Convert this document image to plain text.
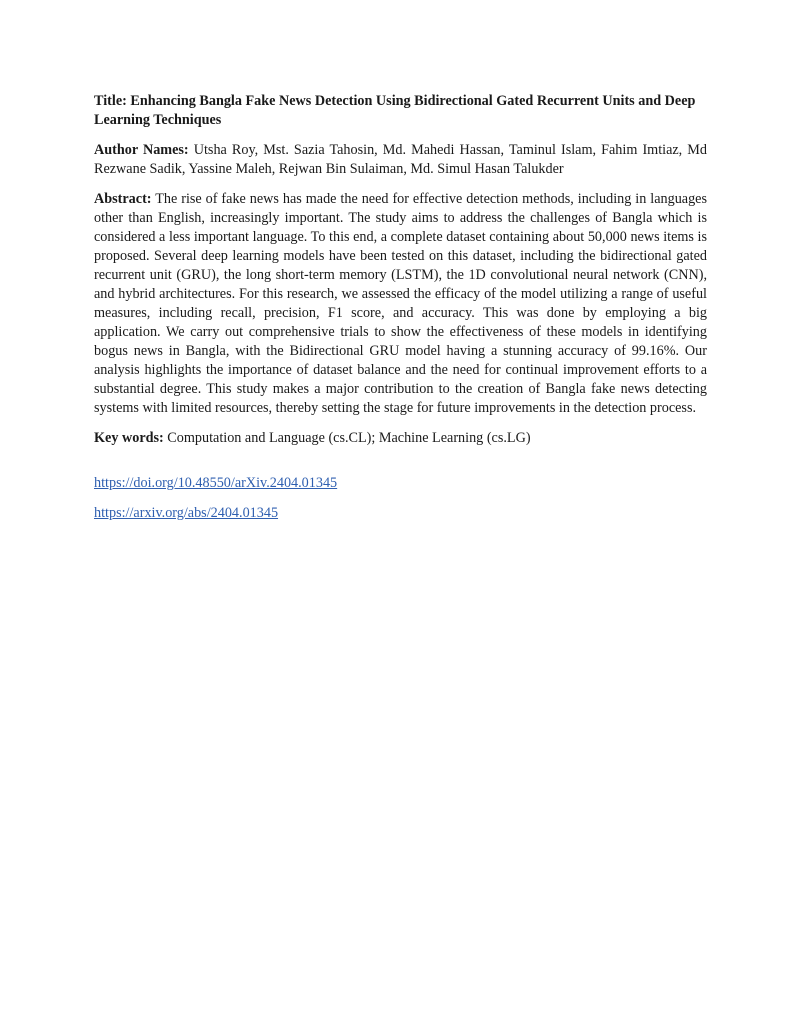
Title: Enhancing Bangla Fake News Detection Using Bidirectional Gated Recurrent Units and Deep Learning Techniques
Author Names: Utsha Roy, Mst. Sazia Tahosin, Md. Mahedi Hassan, Taminul Islam, Fahim Imtiaz, Md Rezwane Sadik, Yassine Maleh, Rejwan Bin Sulaiman, Md. Simul Hasan Talukder
Abstract: The rise of fake news has made the need for effective detection methods, including in languages other than English, increasingly important. The study aims to address the challenges of Bangla which is considered a less important language. To this end, a complete dataset containing about 50,000 news items is proposed. Several deep learning models have been tested on this dataset, including the bidirectional gated recurrent unit (GRU), the long short-term memory (LSTM), the 1D convolutional neural network (CNN), and hybrid architectures. For this research, we assessed the efficacy of the model utilizing a range of useful measures, including recall, precision, F1 score, and accuracy. This was done by employing a big application. We carry out comprehensive trials to show the effectiveness of these models in identifying bogus news in Bangla, with the Bidirectional GRU model having a stunning accuracy of 99.16%. Our analysis highlights the importance of dataset balance and the need for continual improvement efforts to a substantial degree. This study makes a major contribution to the creation of Bangla fake news detecting systems with limited resources, thereby setting the stage for future improvements in the detection process.
Key words: Computation and Language (cs.CL); Machine Learning (cs.LG)
https://doi.org/10.48550/arXiv.2404.01345
https://arxiv.org/abs/2404.01345
